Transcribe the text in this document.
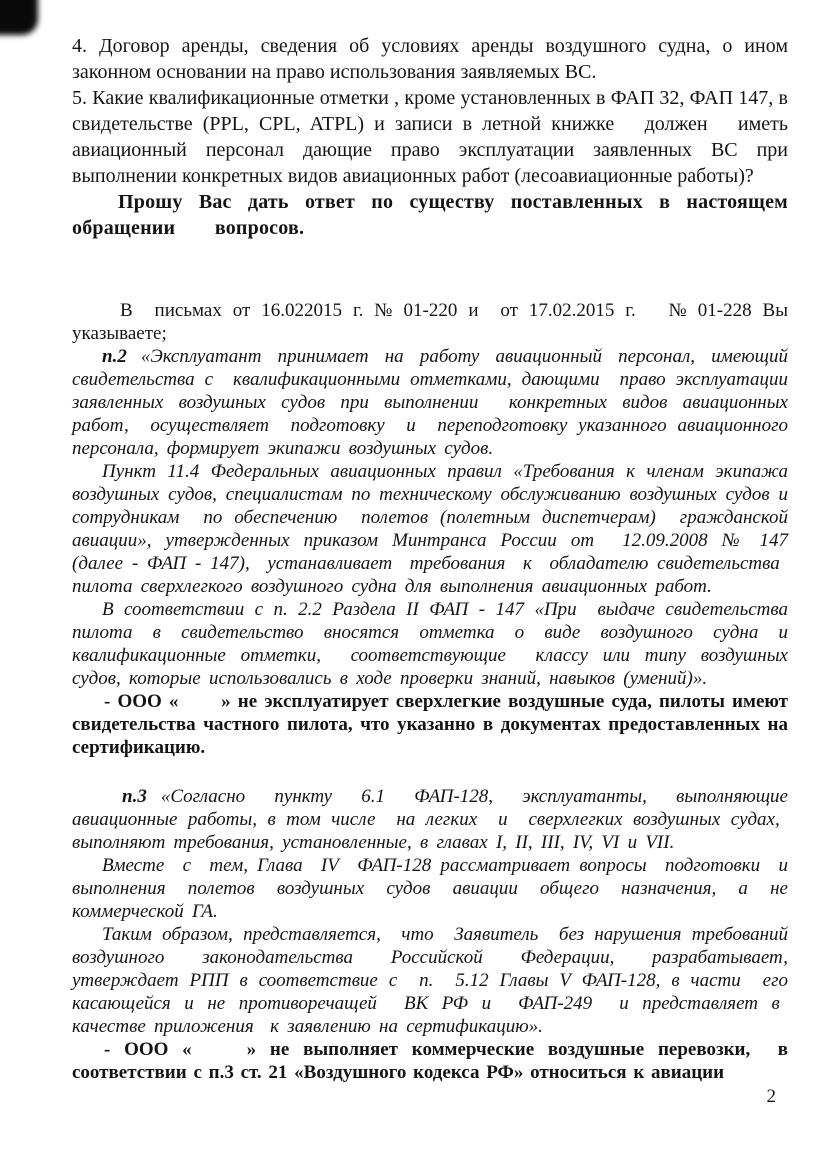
4. Договор аренды, сведения об условиях аренды воздушного судна, о ином законном основании на право использования заявляемых ВС.

5. Какие квалификационные отметки , кроме установленных в ФАП 32, ФАП 147, в свидетельстве (PPL, CPL, ATPL) и записи в летной книжке   должен   иметь авиационный персонал дающие право эксплуатации заявленных ВС при выполнении конкретных видов авиационных работ (лесоавиационные работы)?

Прошу Вас дать ответ по существу поставленных в настоящем обращении   вопросов.

В  письмах от 16.022015 г. № 01-220 и  от 17.02.2015 г.   № 01-228 Вы указываете;

п.2 «Эксплуатант принимает на работу авиационный персонал, имеющий свидетельства с  квалификационными отметками, дающими  право эксплуатации заявленных воздушных судов при выполнении  конкретных видов авиационных работ,  осуществляет  подготовку  и  переподготовку указанного авиационного персонала, формирует экипажи воздушных судов.

Пункт 11.4 Федеральных авиационных правил «Требования к членам экипажа воздушных судов, специалистам по техническому обслуживанию воздушных судов и сотрудникам  по обеспечению  полетов (полетным диспетчерам)  гражданской авиации», утвержденных приказом Минтранса России от  12.09.2008 № 147 (далее - ФАП - 147),  устанавливает  требования  к  обладателю свидетельства  пилота сверхлегкого воздушного судна для выполнения авиационных работ.

В соответствии с п. 2.2 Раздела II ФАП - 147 «При  выдаче свидетельства пилота  в  свидетельство  вносятся  отметка  о  виде  воздушного  судна  и квалификационные отметки,  соответствующие  классу или типу воздушных судов, которые использовались в ходе проверки знаний, навыков (умений)».

- ООО «      » не эксплуатирует сверхлегкие воздушные суда, пилоты имеют свидетельства частного пилота, что указанно в документах предоставленных на сертификацию.

п.3 «Согласно пункту 6.1 ФАП-128, эксплуатанты, выполняющие авиационные работы, в том числе  на легких  и  сверхлегких воздушных судах,  выполняют требования, установленные, в главах I, II, III, IV, VI и VII.

Вместе  с  тем, Глава  IV  ФАП-128 рассматривает вопросы  подготовки  и выполнения  полетов  воздушных  судов  авиации  общего  назначения,  а  не коммерческой ГА.

Таким образом, представляется,  что  Заявитель  без нарушения требований воздушного  законодательства  Российской  Федерации,  разрабатывает, утверждает РПП в соответствие с  п.  5.12 Главы V ФАП-128, в части  его касающейся и не противоречащей  ВК РФ и  ФАП-249  и представляет в  качестве приложения  к заявлению на сертификацию».

- ООО «    » не выполняет коммерческие воздушные перевозки,  в соответствии с п.3 ст. 21 «Воздушного кодекса РФ» относиться к авиации

2
